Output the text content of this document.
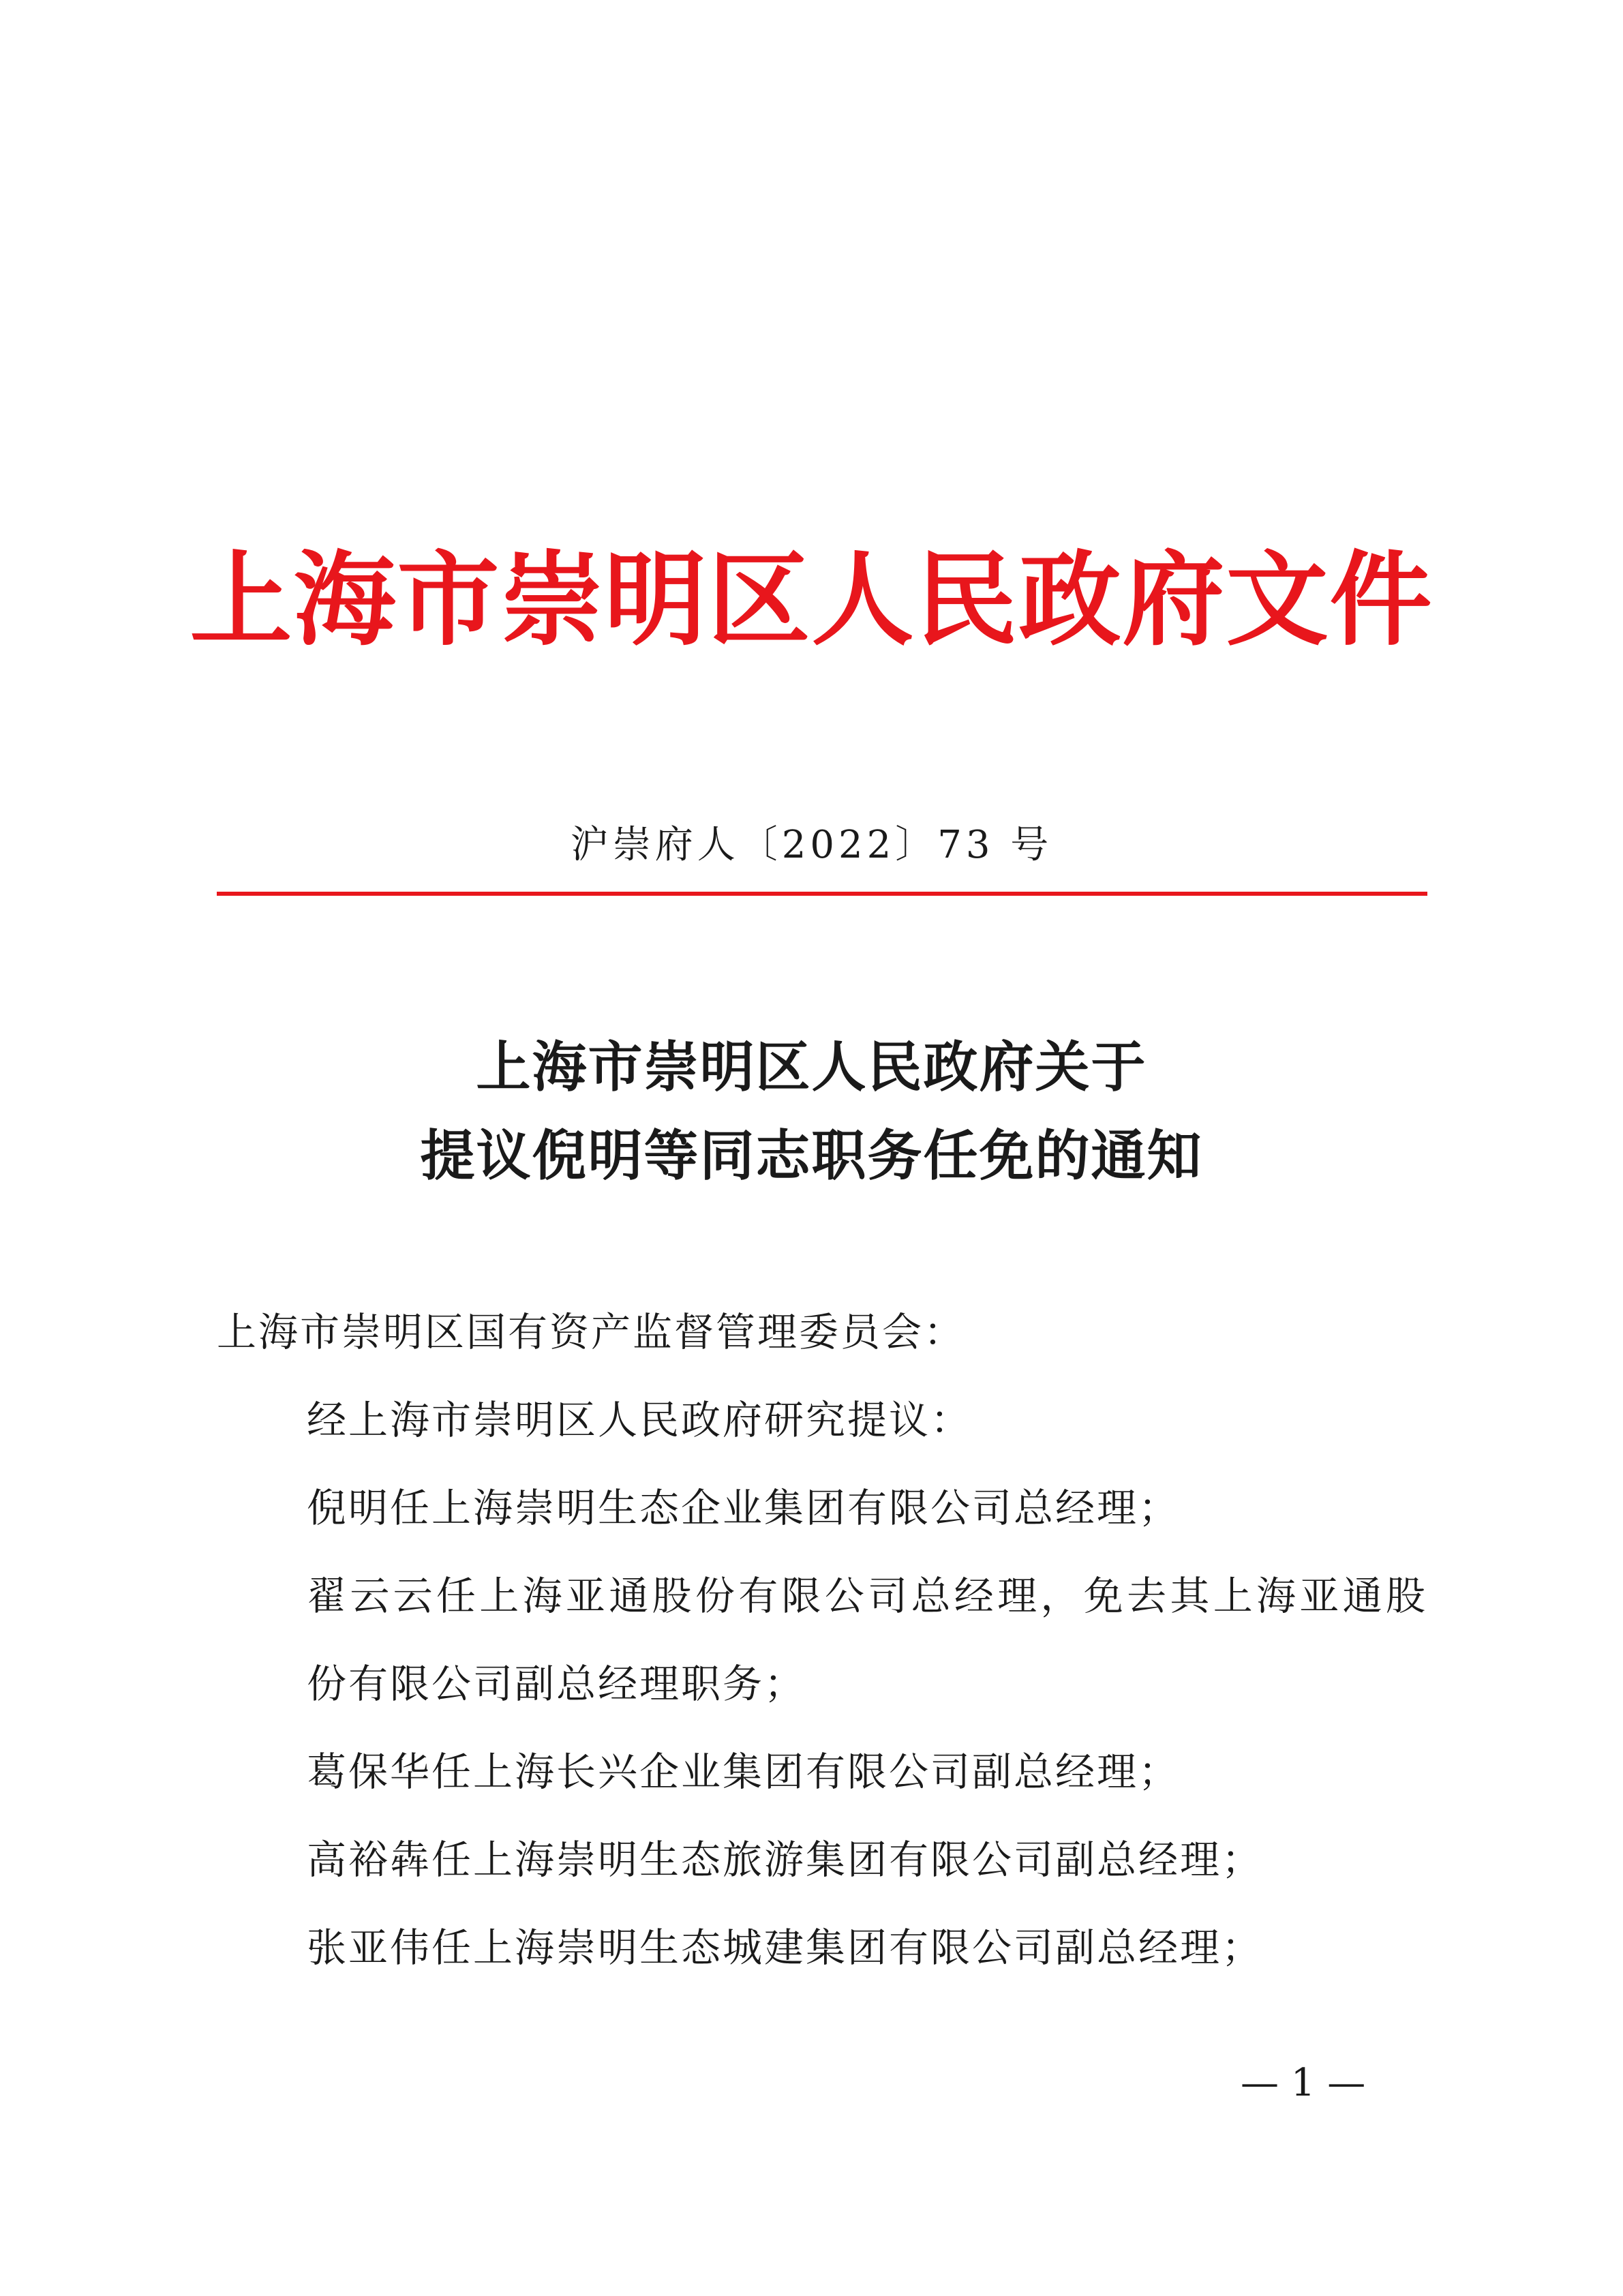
上海市崇明区人民政府文件
沪崇府人〔2022〕73 号
上海市崇明区人民政府关于
提议倪明等同志职务任免的通知

上海市崇明区国有资产监督管理委员会：

经上海市崇明区人民政府研究提议：

倪明任上海崇明生态企业集团有限公司总经理；

翟云云任上海亚通股份有限公司总经理，免去其上海亚通股份有限公司副总经理职务；

葛保华任上海长兴企业集团有限公司副总经理；

高裕犇任上海崇明生态旅游集团有限公司副总经理；

张亚伟任上海崇明生态城建集团有限公司副总经理；

— 1 —
